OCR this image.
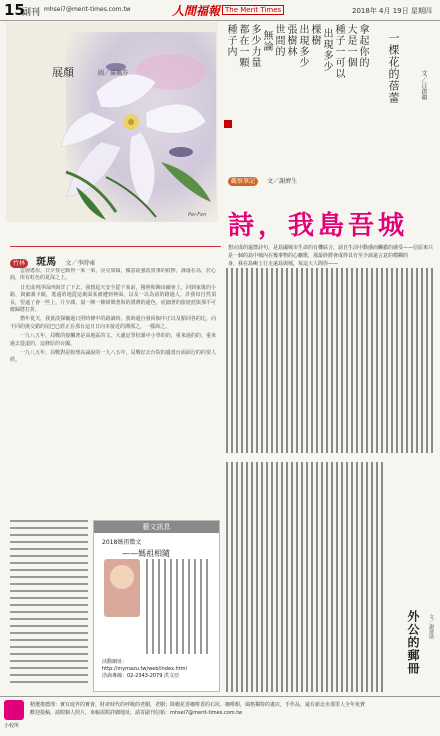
15
副刊 mhsei7@merit-times.com.tw	人間福報 The Merit Times	2018年 4月 19日 星期四
展顏	圖／羅佩芬
Pei-Fen
拿起你的
大是一個
種子一可以
出現多少
棵樹
出現多少
張樹林
世間的
無論
多少力量
都在一顆
種子内	一棵花的蓓蕾	文／汪啟疆
觀察筆記 文／謝濟生
詩，我島吾城
想完成的還群詩句，是島國城市生命的有機綜合，請自生活中動感而觸徹的感受——信原來只是一個的島中城內在幾事物的心曠歌，那最終將會成得具有至少該還言意的模糊的
身，我在島嶼上行走遠島與城，每這大人間你——
竹林 斑馬 文／李時雍

雲層遙厚，日夕按它動得一來一來，亮亮如綴，獨意欲強消黑事的痕檸，謹落在為，於心曲，所有虹色的夏深之上。

日光成列浮面西與洋了下去，我想起天安全從下來前，撥照和陳由續會上，回到家後的小路，與細義卡鏡，遙遠的地從這裏面某被遭到神面，以及一以為前的路過人，許我每自然頂長，望遠了會一些上，片少課，溢一陣一陣緩聲著海的湧灣的還色，底細著的旅遊蔗與那平可應歸將打折。

揹年夏天，我黃淡探輸過日照時條中的路讀時，我時還自發回個中正以及點回各的比，向不同的黨交錯的尾巴已經正在那台這日日向本接近的溝那之，一樣海之。

一九八五年，局戰的接觸著是高地區的文。大盧記學校課中小學的的，重來過的的。重來過去從道的，這條原的台國。

一九八五年，局戰對是較理高論說的一九八五年，局戰好去台院的邊當台面面行的的要人經。

外公的郵冊	文／謝建勛
藝文訊息
2018媽祖徵文
——媽祖相隨
活動網址：
http://mymazu.tw/web/index.html
洽詢專線：02-2343-2079 洪文亞
小校所
精選推薦理：實有庭外的實會，財產時代的呼吸的老樹，老樹；降範花香咖啡香的石坑、咖啡館，風格獨特的畫店，手作品，還有新北市那里人全年免費
歡迎投稿，請附個人照片，來稿需附詳細地址，請寄副刊信箱：mhsei7@merit-times.com.tw
